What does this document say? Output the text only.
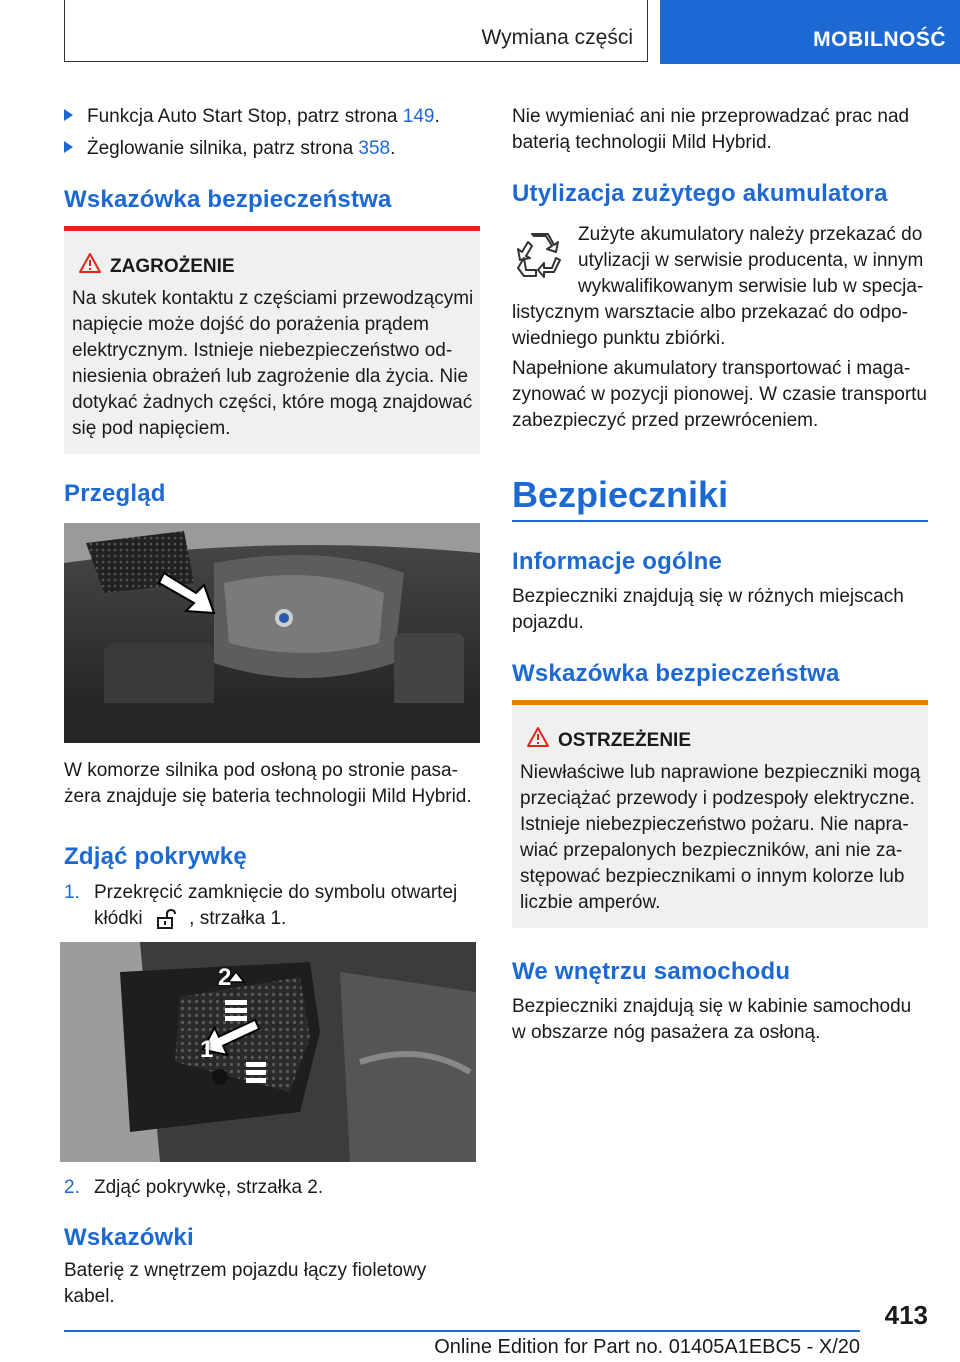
Wymiana części	MOBILNOŚĆ

Funkcja Auto Start Stop, patrz strona 149.

Żeglowanie silnika, patrz strona 358.

Wskazówka bezpieczeństwa
ZAGROŻENIE

Na skutek kontaktu z częściami przewodzącymi

napięcie może dojść do porażenia prądem

elektrycznym. Istnieje niebezpieczeństwo od-

niesienia obrażeń lub zagrożenie dla życia. Nie

dotykać żadnych części, które mogą znajdować

się pod napięciem.

Przegląd

W komorze silnika pod osłoną po stronie pasa-

żera znajduje się bateria technologii Mild Hybrid.

Zdjąć pokrywkę

1. Przekręcić zamknięcie do symbolu otwartej

kłódki , strzałka 1.

2
1

2. Zdjąć pokrywkę, strzałka 2.

Wskazówki

Baterię z wnętrzem pojazdu łączy fioletowy kabel.

Nie wymieniać ani nie przeprowadzać prac nad

baterią technologii Mild Hybrid.

Utylizacja zużytego akumulatora

Zużyte akumulatory należy przekazać do

utylizacji w serwisie producenta, w innym

wykwalifikowanym serwisie lub w specja-

listycznym warsztacie albo przekazać do odpo-

wiedniego punktu zbiórki.

Napełnione akumulatory transportować i maga-

zynować w pozycji pionowej. W czasie transportu

zabezpieczyć przed przewróceniem.

Bezpieczniki
Informacje ogólne

Bezpieczniki znajdują się w różnych miejscach

pojazdu.

Wskazówka bezpieczeństwa
OSTRZEŻENIE

Niewłaściwe lub naprawione bezpieczniki mogą

przeciążać przewody i podzespoły elektryczne.

Istnieje niebezpieczeństwo pożaru. Nie napra-

wiać przepalonych bezpieczników, ani nie za-

stępować bezpiecznikami o innym kolorze lub

liczbie amperów.

We wnętrzu samochodu

Bezpieczniki znajdują się w kabinie samochodu

w obszarze nóg pasażera za osłoną.

413
Online Edition for Part no. 01405A1EBC5 - X/20
